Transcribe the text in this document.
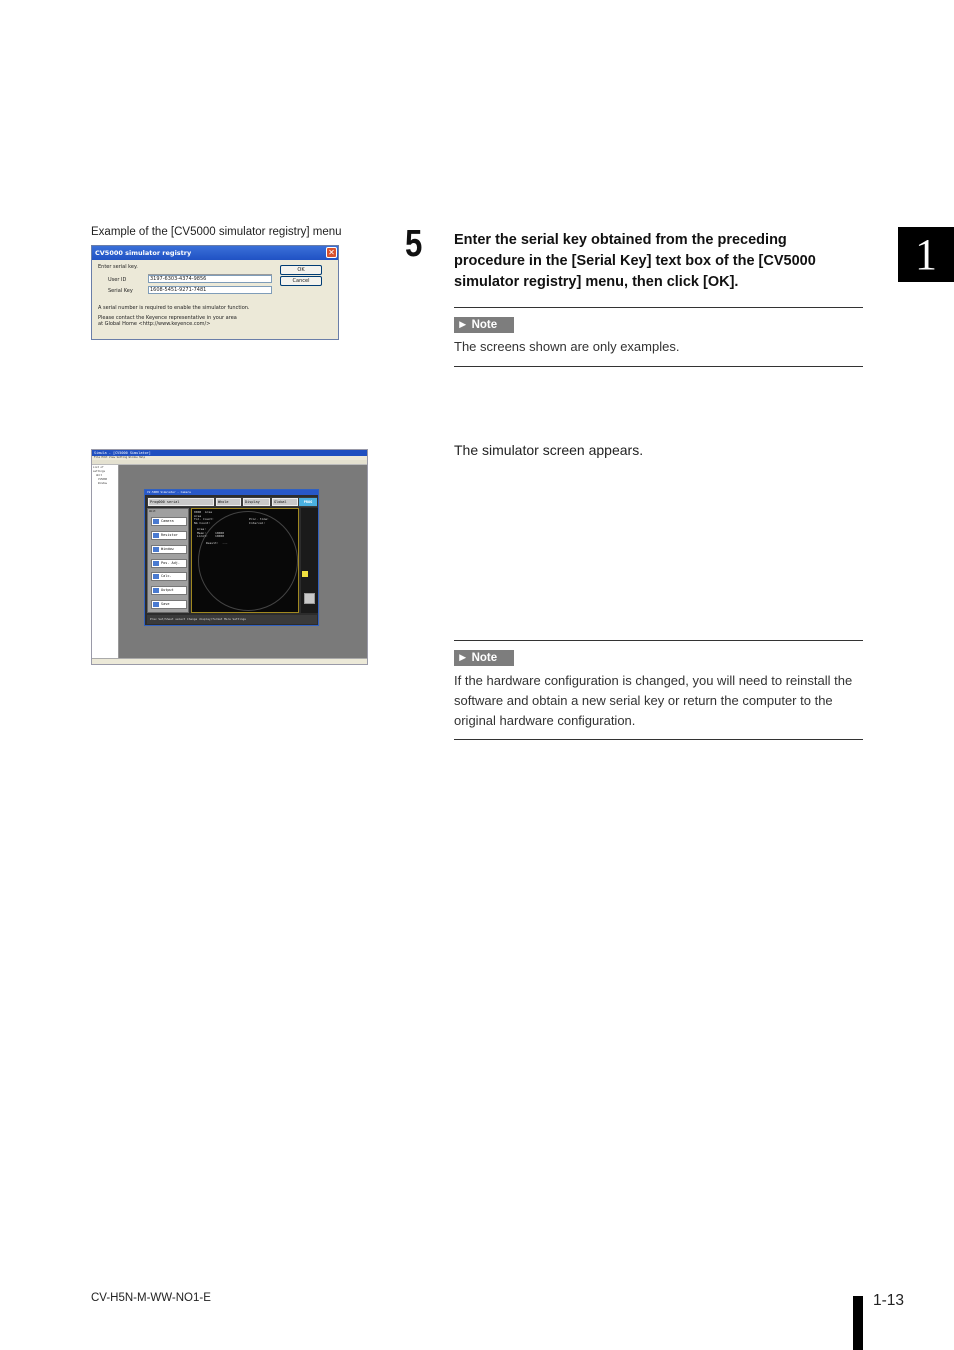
Example of the [CV5000 simulator registry] menu
CV5000 simulator registry	✕
Enter serial key.
User ID	3197-6303-4374-9856
Serial Key	1608-5451-9271-7481
OK
Cancel
A serial number is required to enable the simulator function.
Please contact the Keyence representative in your area
at Global Home <http://www.keyence.com/>
5 Enter the serial key obtained from the preceding procedure in the [Serial Key] text box of the [CV5000 simulator registry] menu, then click [OK].
► Note
The screens shown are only examples.
Simula - [CV5000 Simulator]
File Edit View Setting Window Help
List of settings
Unit
CV5000
Window
CV-5000 Simulator - Camera
Prog000 serial	Whole	Display	Global	PROG
Unit
Camera
Resistor
Window
Pos. Adj.
Calc.
Output
Save
0000  Area
Area
Tol. Count:
NG Count:
Area:
Mean:     10000
Limit:    10000

Result:  ---
Proc. time:
Interval:
Prev Set/Shoot select Change display/format More Settings
The simulator screen appears.
► Note
If the hardware configuration is changed, you will need to reinstall the software and obtain a new serial key or return the computer to the original hardware configuration.
1
CV-H5N-M-WW-NO1-E	1-13
